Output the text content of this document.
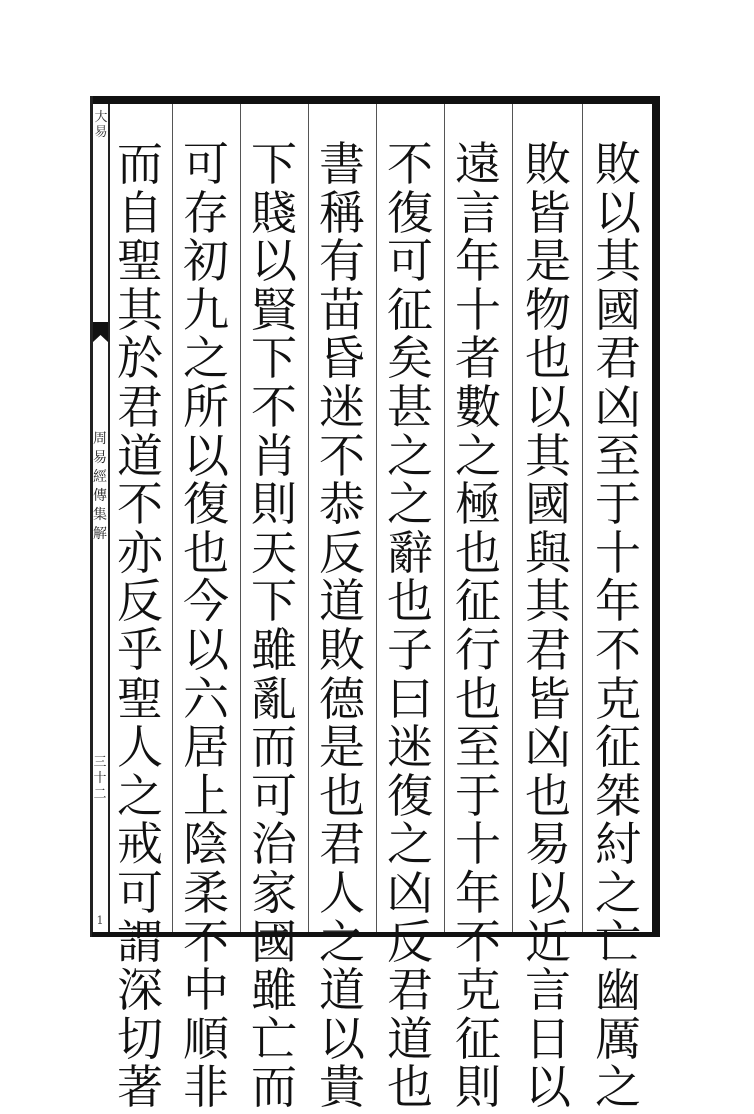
大易
周易經傳集解
三十二
1
敗以其國君凶至于十年不克征桀紂之亡幽厲之
敗皆是物也以其國與其君皆凶也易以近言日以
遠言年十者數之極也征行也至于十年不克征則
不復可征矣甚之之辭也子曰迷復之凶反君道也
書稱有苗昏迷不恭反道敗德是也君人之道以貴
下賤以賢下不肖則天下雖亂而可治家國雖亡而
可存初九之所以復也今以六居上陰柔不中順非
而自聖其於君道不亦反乎聖人之戒可謂深切著
